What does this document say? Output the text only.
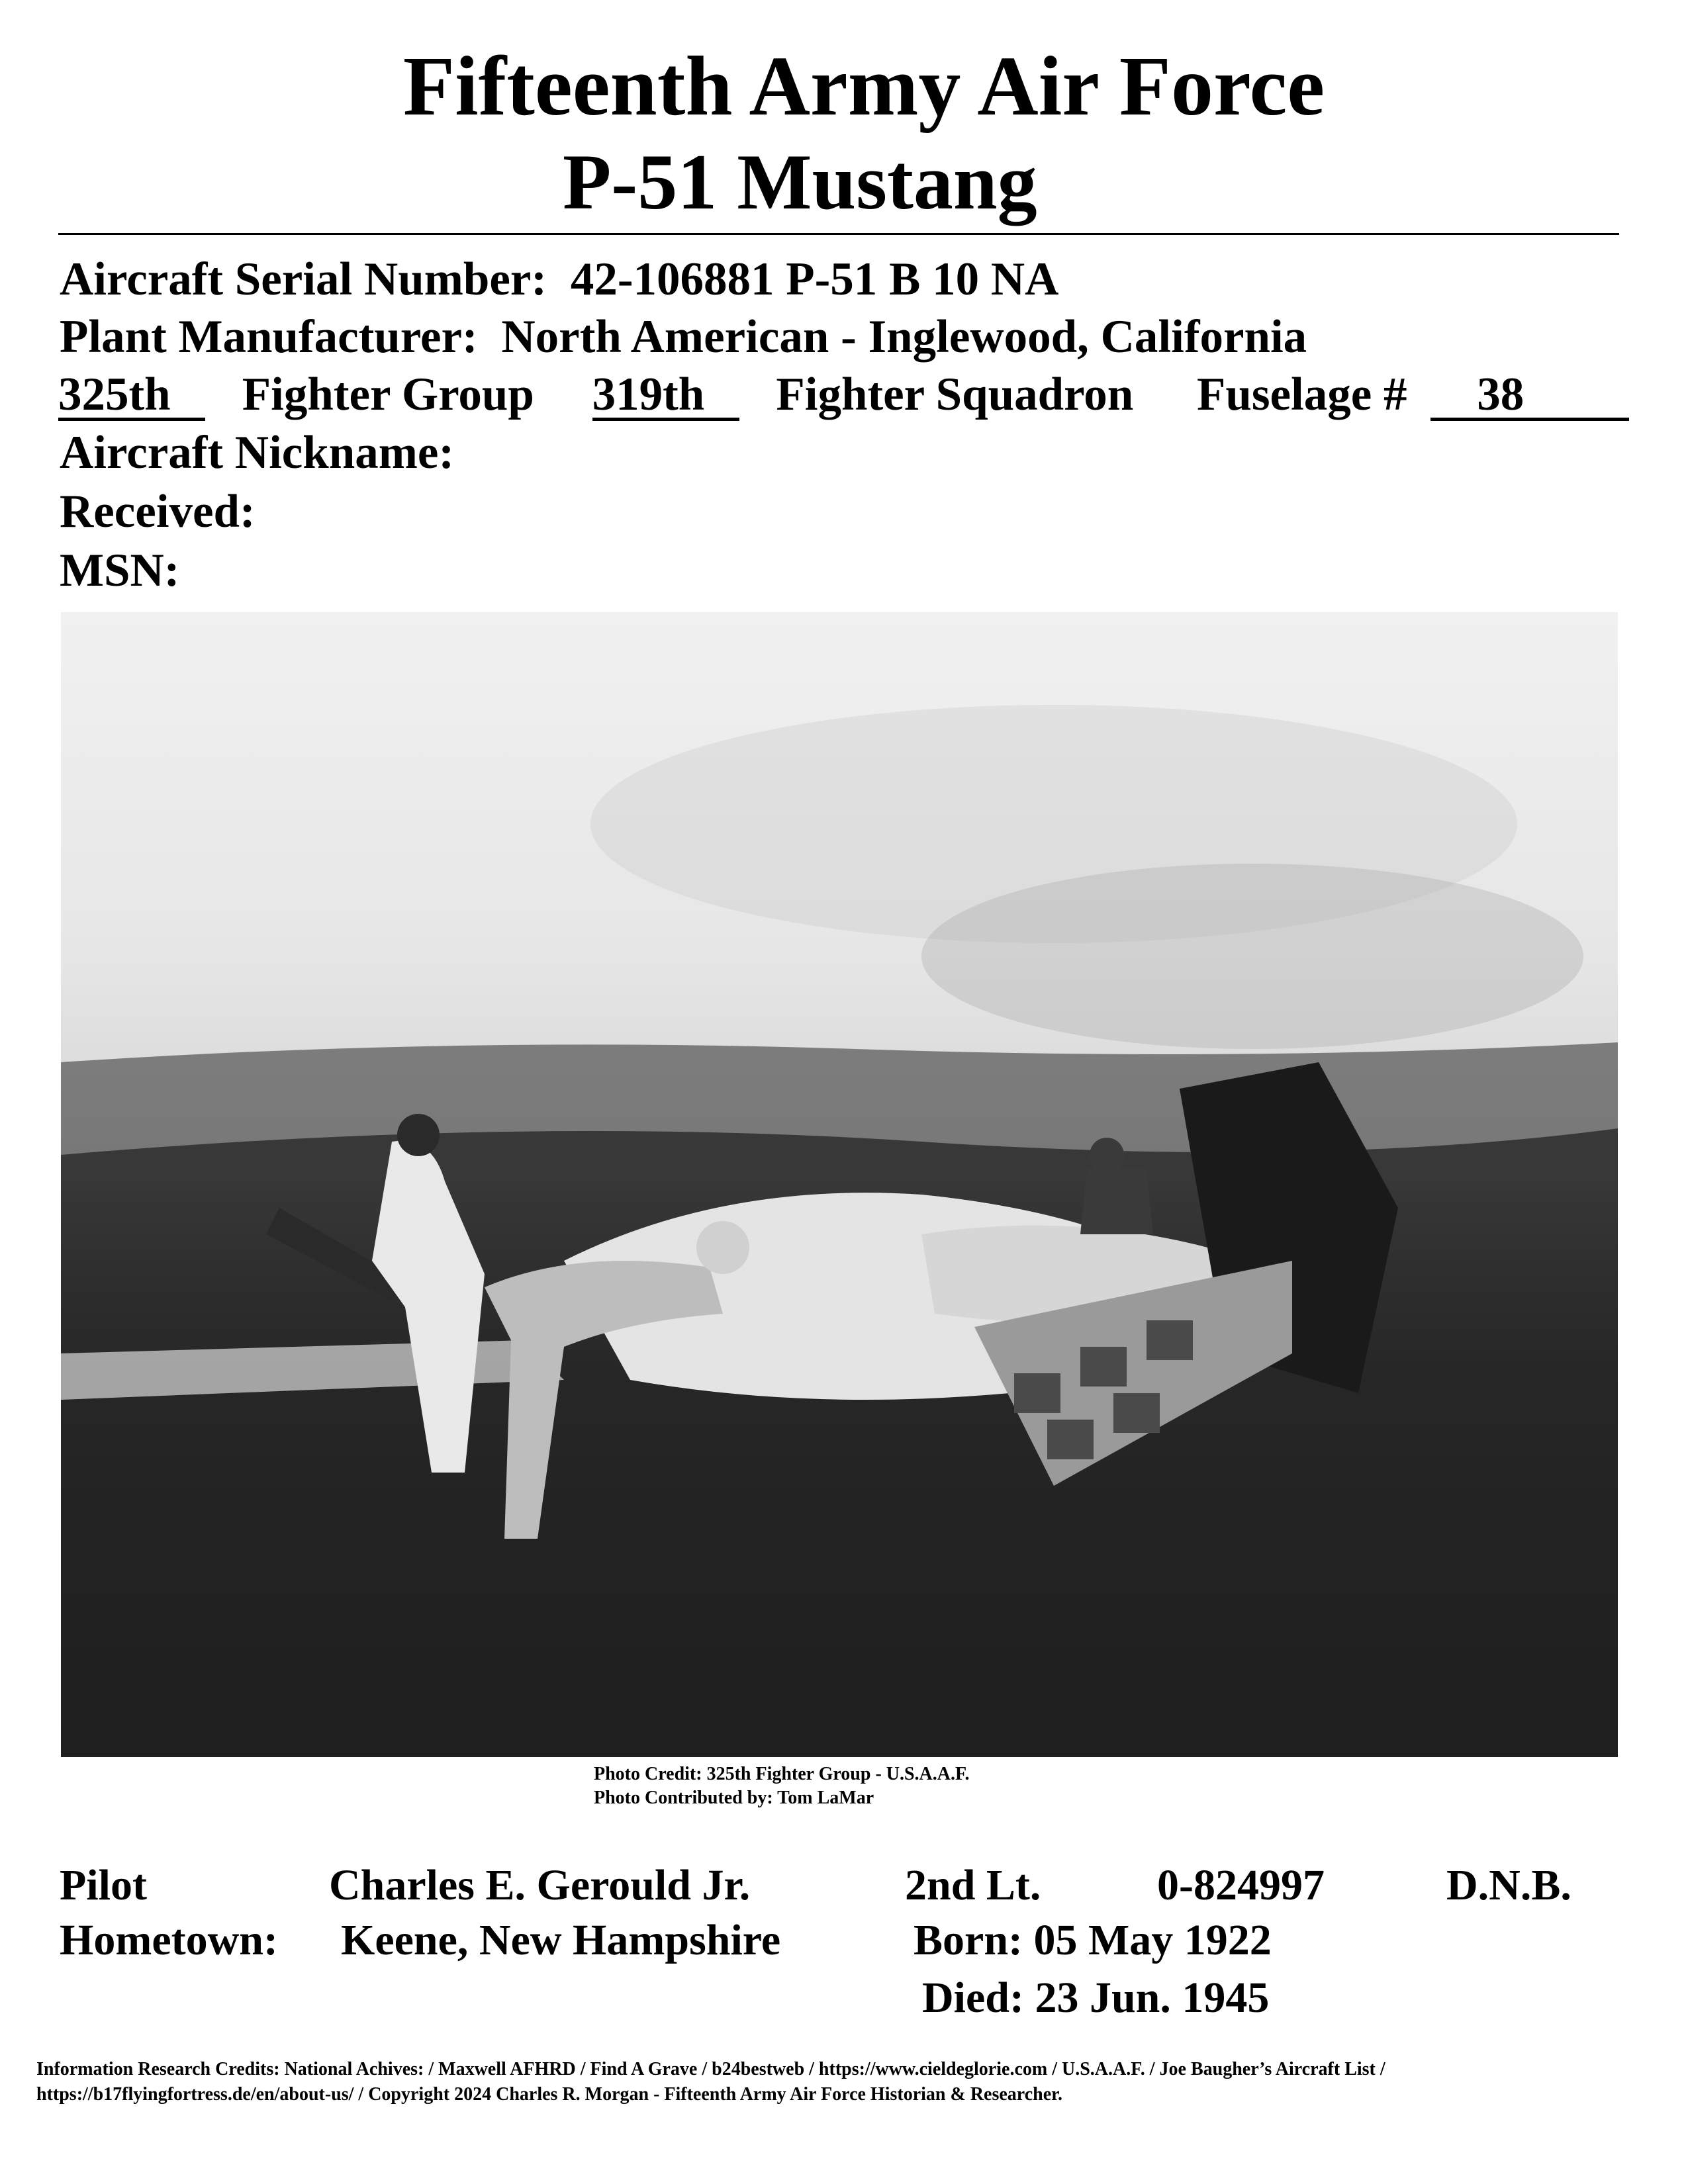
Fifteenth Army Air Force
P-51 Mustang
Aircraft Serial Number: 42-106881 P-51 B 10 NA
Plant Manufacturer: North American - Inglewood, California
325th Fighter Group 319th Fighter Squadron Fuselage # 38
Aircraft Nickname:
Received:
MSN:
Photo Credit: 325th Fighter Group - U.S.A.A.F.
Photo Contributed by: Tom LaMar
Pilot	Charles E. Gerould Jr.	2nd Lt.	0-824997	D.N.B.
Hometown: Keene, New Hampshire	Born: 05 May 1922
Died: 23 Jun. 1945
Information Research Credits: National Achives: / Maxwell AFHRD / Find A Grave / b24bestweb / https://www.cieldeglorie.com / U.S.A.A.F. / Joe Baugher’s Aircraft List /
https://b17flyingfortress.de/en/about-us/ / Copyright 2024 Charles R. Morgan - Fifteenth Army Air Force Historian & Researcher.
